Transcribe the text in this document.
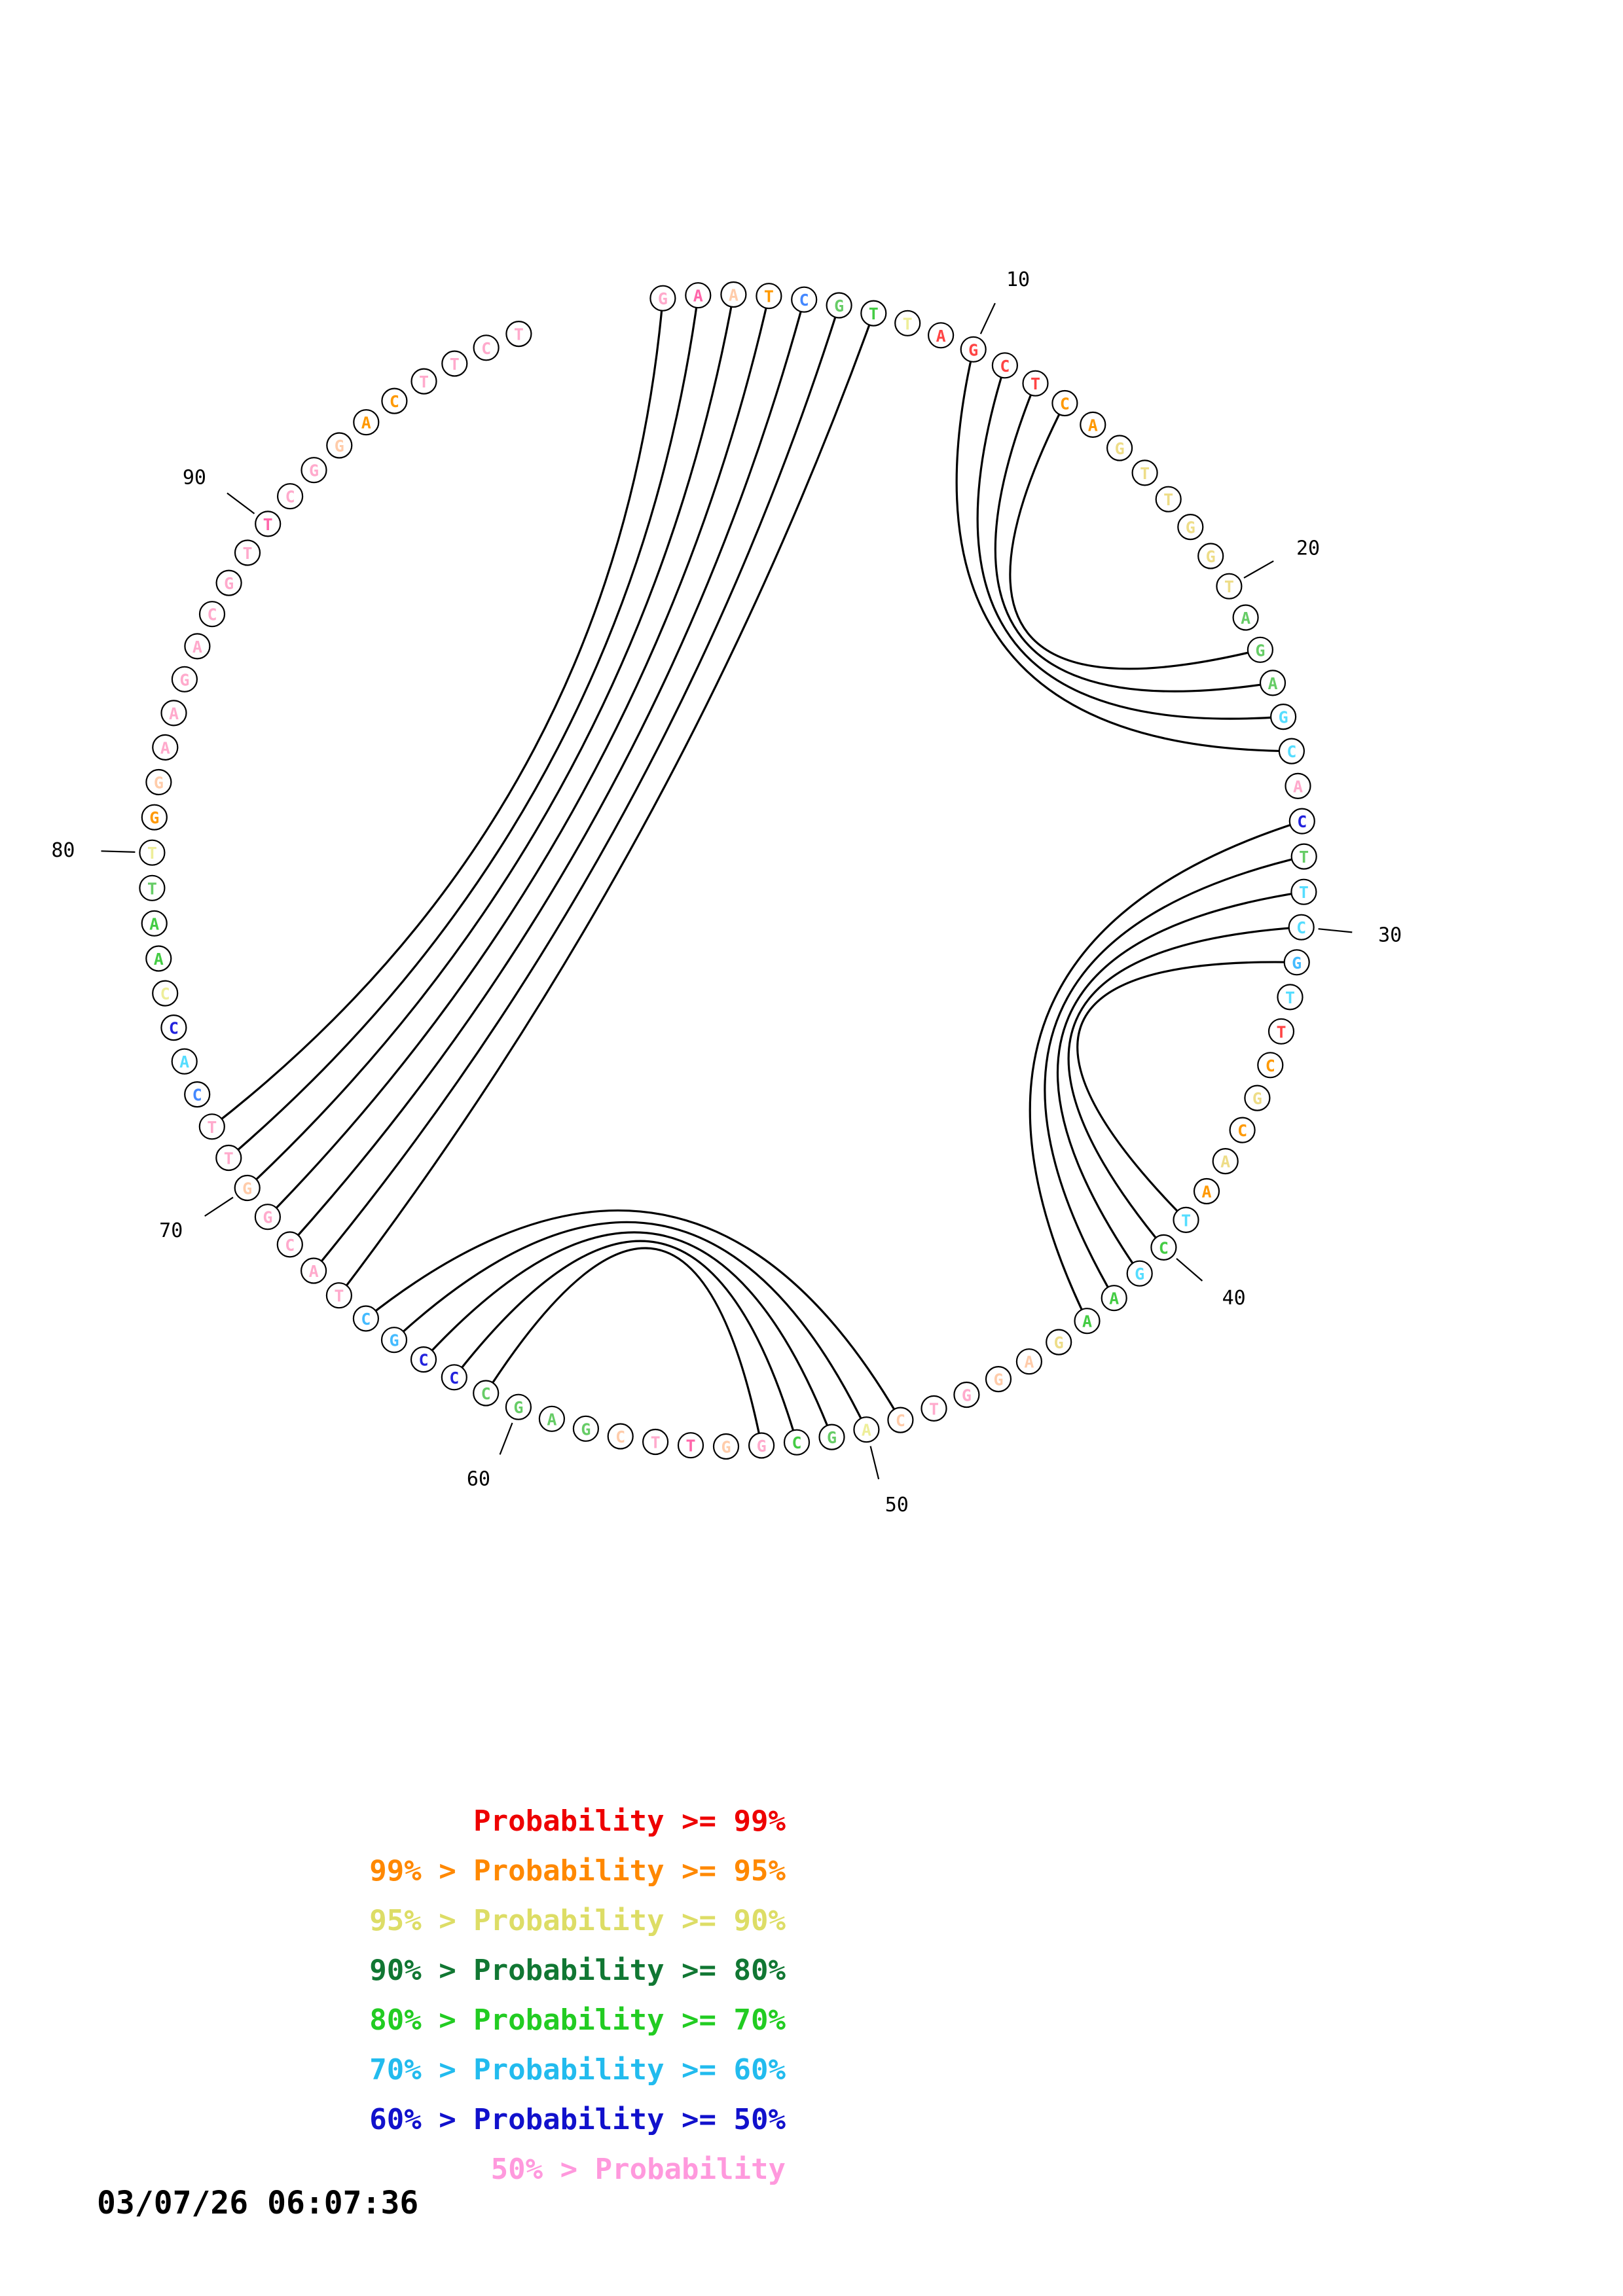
10
20
30
40
50
60
70
80
90
G A A T C G T
T
A
G
C
T
C
A
G
T
T
G
G
T
A
G
A
G
C
A
C
T
T
C
G
T
T
C
G
C
A
A
T
C
G
A
A
G
A
G
G
T
C
A
G
C
G
G
T
T
C
G
A
G
C
C
C
G
C
T
A
C
G
G
T
T
C
A
C
C
A
A
T
T
G
G
A
A
G
A
C
G
T
T
C
G
G
A
C
T
T
C
T
Probability >= 99%
99% > Probability >= 95%
95% > Probability >= 90%
90% > Probability >= 80%
80% > Probability >= 70%
70% > Probability >= 60%
60% > Probability >= 50%
50% > Probability
03/07/26 06:07:36
